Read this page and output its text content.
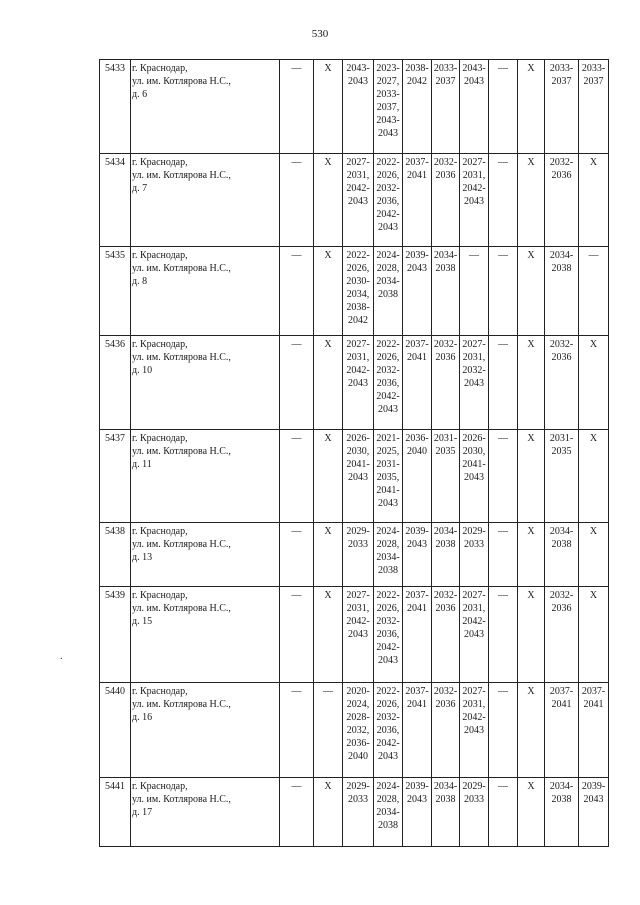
530
5433	г. Краснодар,
ул. им. Котлярова Н.С.,
д. 6	—	Х	2043-2043	2023-2027, 2033-2037, 2043-2043	2038-2042	2033-2037	2043-2043	—	Х	2033-2037	2033-2037
5434	г. Краснодар,
ул. им. Котлярова Н.С.,
д. 7	—	Х	2027-2031, 2042-2043	2022-2026, 2032-2036, 2042-2043	2037-2041	2032-2036	2027-2031, 2042-2043	—	Х	2032-2036	Х
5435	г. Краснодар,
ул. им. Котлярова Н.С.,
д. 8	—	Х	2022-2026, 2030-2034, 2038-2042	2024-2028, 2034-2038	2039-2043	2034-2038	—	—	Х	2034-2038	—
5436	г. Краснодар,
ул. им. Котлярова Н.С.,
д. 10	—	Х	2027-2031, 2042-2043	2022-2026, 2032-2036, 2042-2043	2037-2041	2032-2036	2027-2031, 2032-2043	—	Х	2032-2036	Х
5437	г. Краснодар,
ул. им. Котлярова Н.С.,
д. 11	—	Х	2026-2030, 2041-2043	2021-2025, 2031-2035, 2041-2043	2036-2040	2031-2035	2026-2030, 2041-2043	—	Х	2031-2035	Х
5438	г. Краснодар,
ул. им. Котлярова Н.С.,
д. 13	—	Х	2029-2033	2024-2028, 2034-2038	2039-2043	2034-2038	2029-2033	—	Х	2034-2038	Х
5439	г. Краснодар,
ул. им. Котлярова Н.С.,
д. 15	—	Х	2027-2031, 2042-2043	2022-2026, 2032-2036, 2042-2043	2037-2041	2032-2036	2027-2031, 2042-2043	—	Х	2032-2036	Х
5440	г. Краснодар,
ул. им. Котлярова Н.С.,
д. 16	—	—	2020-2024, 2028-2032, 2036-2040	2022-2026, 2032-2036, 2042-2043	2037-2041	2032-2036	2027-2031, 2042-2043	—	Х	2037-2041	2037-2041
5441	г. Краснодар,
ул. им. Котлярова Н.С.,
д. 17	—	Х	2029-2033	2024-2028, 2034-2038	2039-2043	2034-2038	2029-2033	—	Х	2034-2038	2039-2043
.
